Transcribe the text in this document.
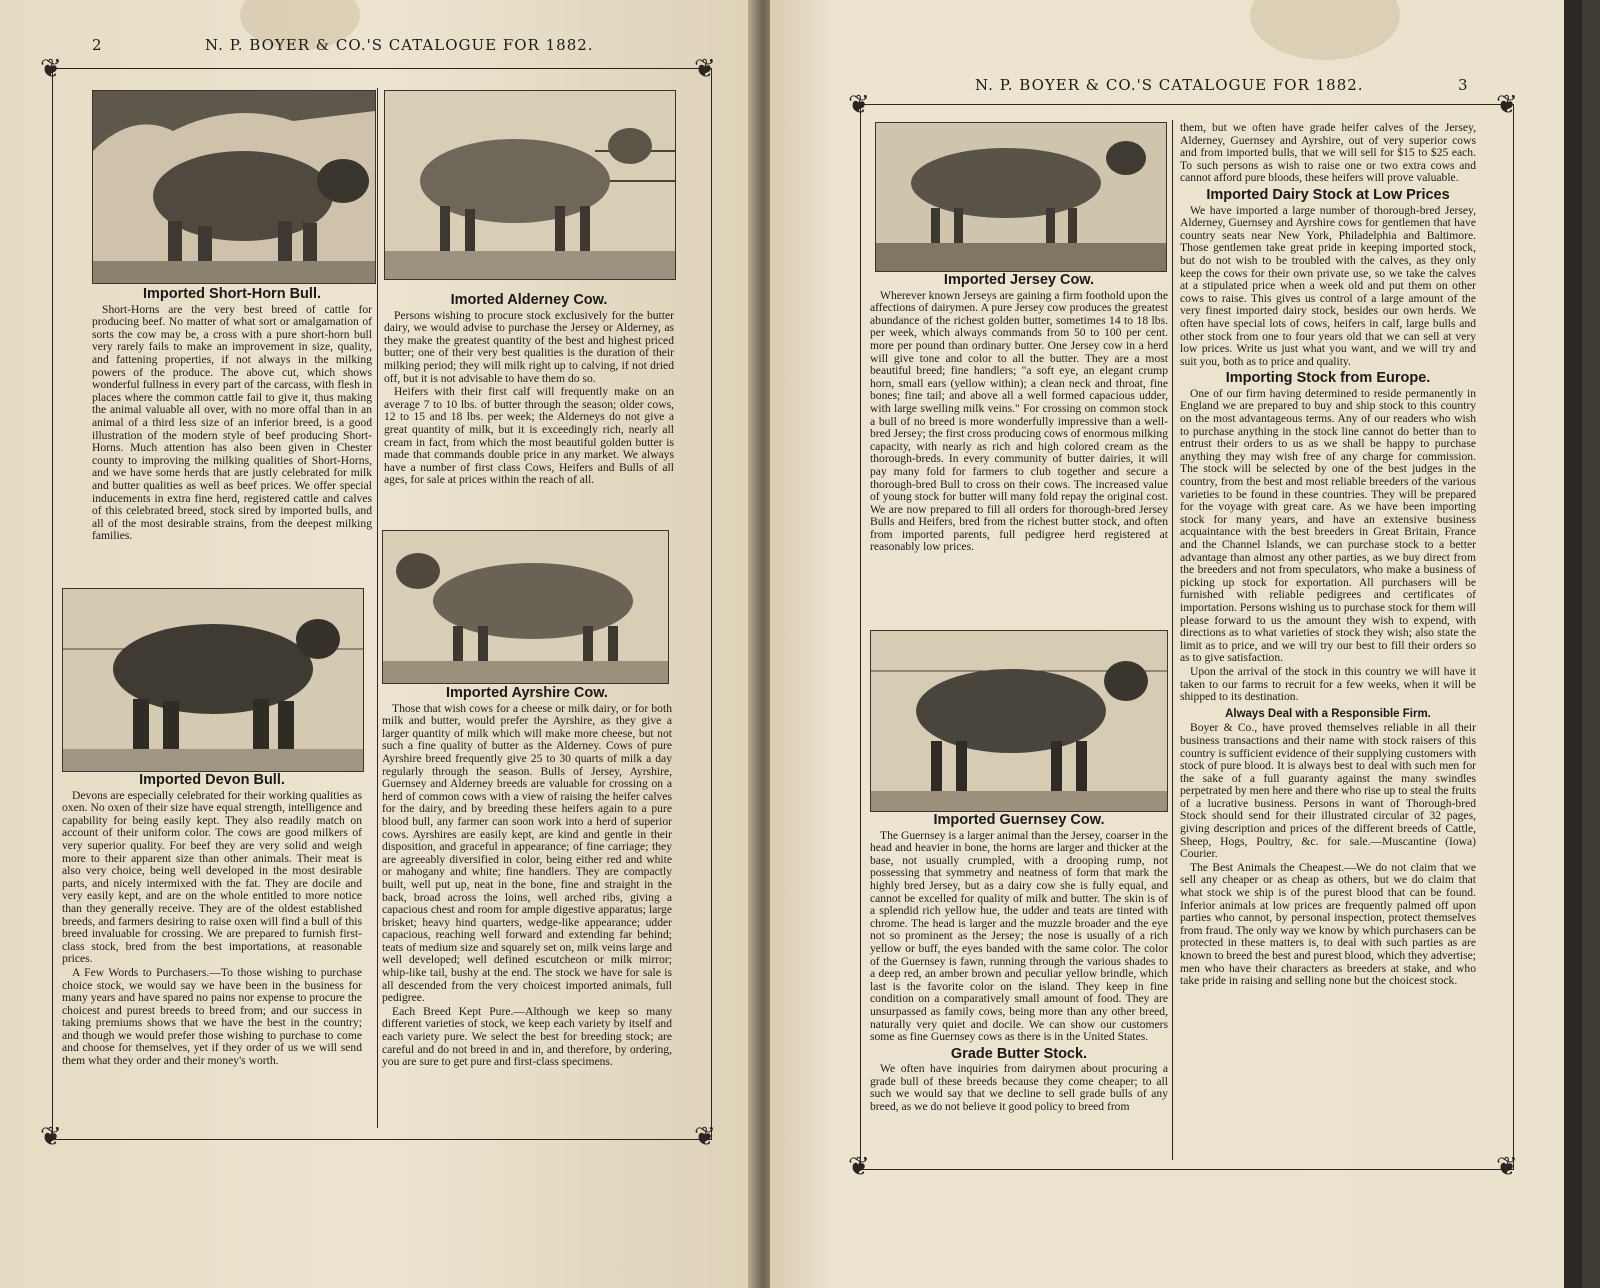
2	N. P. BOYER & CO.'S CATALOGUE FOR 1882.
❦	❦
❦	❦
Imported Short-Horn Bull.

Short-Horns are the very best breed of cattle for producing beef. No matter of what sort or amalgamation of sorts the cow may be, a cross with a pure short-horn bull very rarely fails to make an improvement in size, quality, and fattening properties, if not always in the milking powers of the produce. The above cut, which shows wonderful fullness in every part of the carcass, with flesh in places where the common cattle fail to give it, thus making the animal valuable all over, with no more offal than in an animal of a third less size of an inferior breed, is a good illustration of the modern style of beef producing Short-Horns. Much attention has also been given in Chester county to improving the milking qualities of Short-Horns, and we have some herds that are justly celebrated for milk and butter qualities as well as beef prices. We offer special inducements in extra fine herd, registered cattle and calves of this celebrated breed, stock sired by imported bulls, and all of the most desirable strains, from the deepest milking families.

Imported Devon Bull.

Devons are especially celebrated for their working qualities as oxen. No oxen of their size have equal strength, intelligence and capability for being easily kept. They also readily match on account of their uniform color. The cows are good milkers of very superior quality. For beef they are very solid and weigh more to their apparent size than other animals. Their meat is also very choice, being well developed in the most desirable parts, and nicely intermixed with the fat. They are docile and very easily kept, and are on the whole entitled to more notice than they generally receive. They are of the oldest established breeds, and farmers desiring to raise oxen will find a bull of this breed invaluable for crossing. We are prepared to furnish first-class stock, bred from the best importations, at reasonable prices.

A Few Words to Purchasers.—To those wishing to purchase choice stock, we would say we have been in the business for many years and have spared no pains nor expense to procure the choicest and purest breeds to breed from; and our success in taking premiums shows that we have the best in the country; and though we would prefer those wishing to purchase to come and choose for themselves, yet if they order of us we will send them what they order and their money's worth.

Imorted Alderney Cow.

Persons wishing to procure stock exclusively for the butter dairy, we would advise to purchase the Jersey or Alderney, as they make the greatest quantity of the best and highest priced butter; one of their very best qualities is the duration of their milking period; they will milk right up to calving, if not dried off, but it is not advisable to have them do so.

Heifers with their first calf will frequently make on an average 7 to 10 lbs. of butter through the season; older cows, 12 to 15 and 18 lbs. per week; the Alderneys do not give a great quantity of milk, but it is exceedingly rich, nearly all cream in fact, from which the most beautiful golden butter is made that commands double price in any market. We always have a number of first class Cows, Heifers and Bulls of all ages, for sale at prices within the reach of all.

Imported Ayrshire Cow.

Those that wish cows for a cheese or milk dairy, or for both milk and butter, would prefer the Ayrshire, as they give a larger quantity of milk which will make more cheese, but not such a fine quality of butter as the Alderney. Cows of pure Ayrshire breed frequently give 25 to 30 quarts of milk a day regularly through the season. Bulls of Jersey, Ayrshire, Guernsey and Alderney breeds are valuable for crossing on a herd of common cows with a view of raising the heifer calves for the dairy, and by breeding these heifers again to a pure blood bull, any farmer can soon work into a herd of superior cows. Ayrshires are easily kept, are kind and gentle in their disposition, and graceful in appearance; of fine carriage; they are agreeably diversified in color, being either red and white or mahogany and white; fine handlers. They are compactly built, well put up, neat in the bone, fine and straight in the back, broad across the loins, well arched ribs, giving a capacious chest and room for ample digestive apparatus; large brisket; heavy hind quarters, wedge-like appearance; udder capacious, reaching well forward and extending far behind; teats of medium size and squarely set on, milk veins large and well developed; well defined escutcheon or milk mirror; whip-like tail, bushy at the end. The stock we have for sale is all descended from the very choicest imported animals, full pedigree.

Each Breed Kept Pure.—Although we keep so many different varieties of stock, we keep each variety by itself and each variety pure. We select the best for breeding stock; are careful and do not breed in and in, and therefore, by ordering, you are sure to get pure and first-class specimens.

N. P. BOYER & CO.'S CATALOGUE FOR 1882.	3
❦	❦
❦	❦
Imported Jersey Cow.

Wherever known Jerseys are gaining a firm foothold upon the affections of dairymen. A pure Jersey cow produces the greatest abundance of the richest golden butter, sometimes 14 to 18 lbs. per week, which always commands from 50 to 100 per cent. more per pound than ordinary butter. One Jersey cow in a herd will give tone and color to all the butter. They are a most beautiful breed; fine handlers; "a soft eye, an elegant crump horn, small ears (yellow within); a clean neck and throat, fine bones; fine tail; and above all a well formed capacious udder, with large swelling milk veins." For crossing on common stock a bull of no breed is more wonderfully impressive than a well-bred Jersey; the first cross producing cows of enormous milking capacity, with nearly as rich and high colored cream as the thorough-breds. In every community of butter dairies, it will pay many fold for farmers to club together and secure a thorough-bred Bull to cross on their cows. The increased value of young stock for butter will many fold repay the original cost. We are now prepared to fill all orders for thorough-bred Jersey Bulls and Heifers, bred from the richest butter stock, and often from imported parents, full pedigree herd registered at reasonably low prices.

Imported Guernsey Cow.

The Guernsey is a larger animal than the Jersey, coarser in the head and heavier in bone, the horns are larger and thicker at the base, not usually crumpled, with a drooping rump, not possessing that symmetry and neatness of form that mark the highly bred Jersey, but as a dairy cow she is fully equal, and cannot be excelled for quality of milk and butter. The skin is of a splendid rich yellow hue, the udder and teats are tinted with chrome. The head is larger and the muzzle broader and the eye not so prominent as the Jersey; the nose is usually of a rich yellow or buff, the eyes banded with the same color. The color of the Guernsey is fawn, running through the various shades to a deep red, an amber brown and peculiar yellow brindle, which last is the favorite color on the island. They keep in fine condition on a comparatively small amount of food. They are unsurpassed as family cows, being more than any other breed, naturally very quiet and docile. We can show our customers some as fine Guernsey cows as there is in the United States.

Grade Butter Stock.

We often have inquiries from dairymen about procuring a grade bull of these breeds because they come cheaper; to all such we would say that we decline to sell grade bulls of any breed, as we do not believe it good policy to breed from

them, but we often have grade heifer calves of the Jersey, Alderney, Guernsey and Ayrshire, out of very superior cows and from imported bulls, that we will sell for $15 to $25 each. To such persons as wish to raise one or two extra cows and cannot afford pure bloods, these heifers will prove valuable.

Imported Dairy Stock at Low Prices

We have imported a large number of thorough-bred Jersey, Alderney, Guernsey and Ayrshire cows for gentlemen that have country seats near New York, Philadelphia and Baltimore. Those gentlemen take great pride in keeping imported stock, but do not wish to be troubled with the calves, as they only keep the cows for their own private use, so we take the calves at a stipulated price when a week old and put them on other cows to raise. This gives us control of a large amount of the very finest imported dairy stock, besides our own herds. We often have special lots of cows, heifers in calf, large bulls and other stock from one to four years old that we can sell at very low prices. Write us just what you want, and we will try and suit you, both as to price and quality.

Importing Stock from Europe.

One of our firm having determined to reside permanently in England we are prepared to buy and ship stock to this country on the most advantageous terms. Any of our readers who wish to purchase anything in the stock line cannot do better than to entrust their orders to us as we shall be happy to purchase anything they may wish free of any charge for commission. The stock will be selected by one of the best judges in the country, from the best and most reliable breeders of the various varieties to be found in these countries. They will be prepared for the voyage with great care. As we have been importing stock for many years, and have an extensive business acquaintance with the best breeders in Great Britain, France and the Channel Islands, we can purchase stock to a better advantage than almost any other parties, as we buy direct from the breeders and not from speculators, who make a business of picking up stock for exportation. All purchasers will be furnished with reliable pedigrees and certificates of importation. Persons wishing us to purchase stock for them will please forward to us the amount they wish to expend, with directions as to what varieties of stock they wish; also state the limit as to price, and we will try our best to fill their orders so as to give satisfaction.

Upon the arrival of the stock in this country we will have it taken to our farms to recruit for a few weeks, when it will be shipped to its destination.

Always Deal with a Responsible Firm.

Boyer & Co., have proved themselves reliable in all their business transactions and their name with stock raisers of this country is sufficient evidence of their supplying customers with stock of pure blood. It is always best to deal with such men for the sake of a full guaranty against the many swindles perpetrated by men here and there who rise up to steal the fruits of a lucrative business. Persons in want of Thorough-bred Stock should send for their illustrated circular of 32 pages, giving description and prices of the different breeds of Cattle, Sheep, Hogs, Poultry, &c. for sale.—Muscantine (Iowa) Courier.

The Best Animals the Cheapest.—We do not claim that we sell any cheaper or as cheap as others, but we do claim that what stock we ship is of the purest blood that can be found. Inferior animals at low prices are frequently palmed off upon parties who cannot, by personal inspection, protect themselves from fraud. The only way we know by which purchasers can be protected in these matters is, to deal with such parties as are known to breed the best and purest blood, which they advertise; men who have their characters as breeders at stake, and who take pride in raising and selling none but the choicest stock.
